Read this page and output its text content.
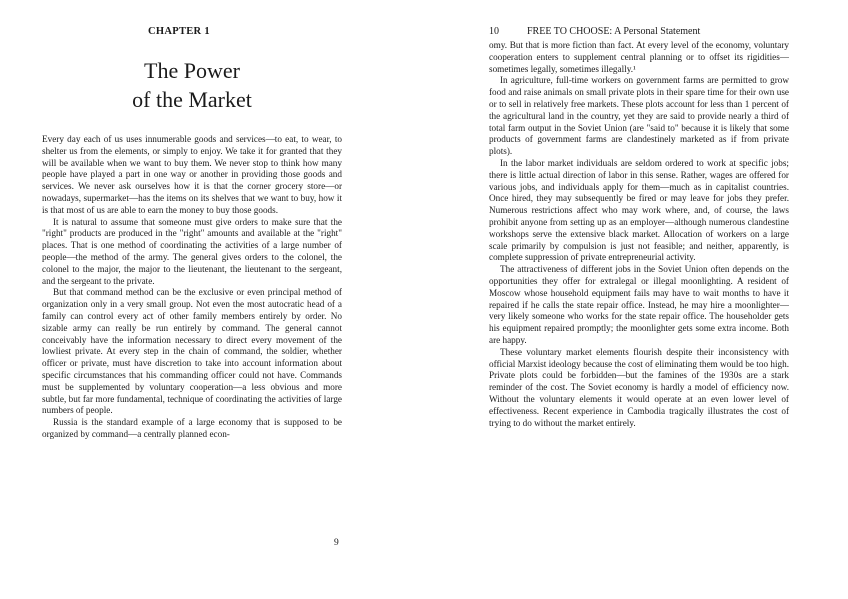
CHAPTER 1
The Power
of the Market

Every day each of us uses innumerable goods and services—to eat, to wear, to shelter us from the elements, or simply to enjoy. We take it for granted that they will be available when we want to buy them. We never stop to think how many people have played a part in one way or another in providing those goods and services. We never ask ourselves how it is that the corner grocery store—or nowadays, supermarket—has the items on its shelves that we want to buy, how it is that most of us are able to earn the money to buy those goods.

It is natural to assume that someone must give orders to make sure that the "right" products are produced in the "right" amounts and available at the "right" places. That is one method of coordinating the activities of a large number of people—the method of the army. The general gives orders to the colonel, the colonel to the major, the major to the lieutenant, the lieutenant to the sergeant, and the sergeant to the private.

But that command method can be the exclusive or even principal method of organization only in a very small group. Not even the most autocratic head of a family can control every act of other family members entirely by order. No sizable army can really be run entirely by command. The general cannot conceivably have the information necessary to direct every movement of the lowliest private. At every step in the chain of command, the soldier, whether officer or private, must have discretion to take into account information about specific circumstances that his commanding officer could not have. Commands must be supplemented by voluntary cooperation—a less obvious and more subtle, but far more fundamental, technique of coordinating the activities of large numbers of people.

Russia is the standard example of a large economy that is supposed to be organized by command—a centrally planned econ-

9
10	FREE TO CHOOSE: A Personal Statement

omy. But that is more fiction than fact. At every level of the economy, voluntary cooperation enters to supplement central planning or to offset its rigidities—sometimes legally, sometimes illegally.¹

In agriculture, full-time workers on government farms are permitted to grow food and raise animals on small private plots in their spare time for their own use or to sell in relatively free markets. These plots account for less than 1 percent of the agricultural land in the country, yet they are said to provide nearly a third of total farm output in the Soviet Union (are "said to" because it is likely that some products of government farms are clandestinely marketed as if from private plots).

In the labor market individuals are seldom ordered to work at specific jobs; there is little actual direction of labor in this sense. Rather, wages are offered for various jobs, and individuals apply for them—much as in capitalist countries. Once hired, they may subsequently be fired or may leave for jobs they prefer. Numerous restrictions affect who may work where, and, of course, the laws prohibit anyone from setting up as an employer—although numerous clandestine workshops serve the extensive black market. Allocation of workers on a large scale primarily by compulsion is just not feasible; and neither, apparently, is complete suppression of private entrepreneurial activity.

The attractiveness of different jobs in the Soviet Union often depends on the opportunities they offer for extralegal or illegal moonlighting. A resident of Moscow whose household equipment fails may have to wait months to have it repaired if he calls the state repair office. Instead, he may hire a moonlighter—very likely someone who works for the state repair office. The householder gets his equipment repaired promptly; the moonlighter gets some extra income. Both are happy.

These voluntary market elements flourish despite their inconsistency with official Marxist ideology because the cost of eliminating them would be too high. Private plots could be forbidden—but the famines of the 1930s are a stark reminder of the cost. The Soviet economy is hardly a model of efficiency now. Without the voluntary elements it would operate at an even lower level of effectiveness. Recent experience in Cambodia tragically illustrates the cost of trying to do without the market entirely.
